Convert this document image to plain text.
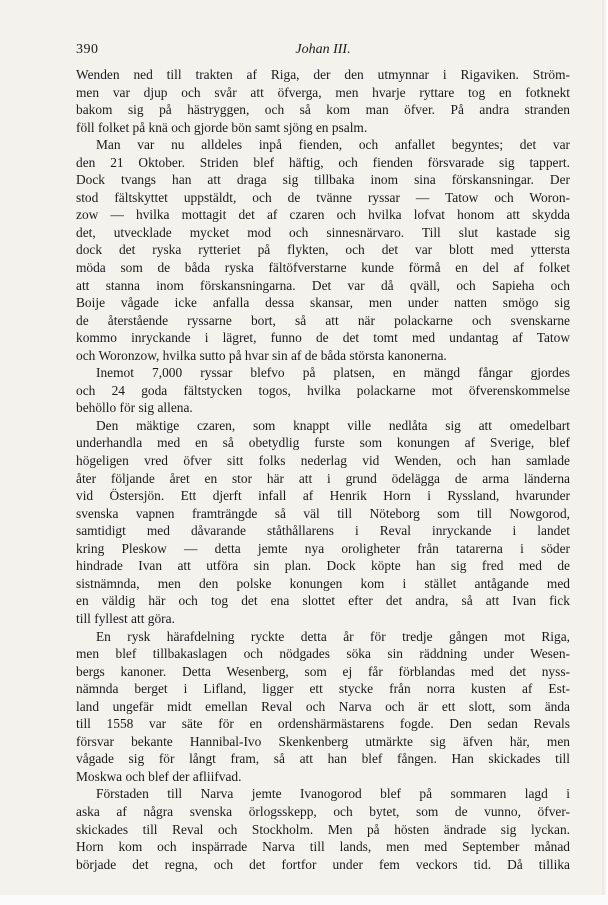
390	Johan III.
Wenden ned till trakten af Riga, der den utmynnar i Rigaviken. Ström-
men var djup och svår att öfverga, men hvarje ryttare tog en fotknekt
bakom sig på hästryggen, och så kom man öfver. På andra stranden
föll folket på knä och gjorde bön samt sjöng en psalm.
Man var nu alldeles inpå fienden, och anfallet begyntes; det var
den 21 Oktober. Striden blef häftig, och fienden försvarade sig tappert.
Dock tvangs han att draga sig tillbaka inom sina förskansningar. Der
stod fältskyttet uppstäldt, och de tvänne ryssar — Tatow och Woron-
zow — hvilka mottagit det af czaren och hvilka lofvat honom att skydda
det, utvecklade mycket mod och sinnesnärvaro. Till slut kastade sig
dock det ryska rytteriet på flykten, och det var blott med yttersta
möda som de båda ryska fältöfverstarne kunde förmå en del af folket
att stanna inom förskansningarna. Det var då qväll, och Sapieha och
Boije vågade icke anfalla dessa skansar, men under natten smögo sig
de återstående ryssarne bort, så att när polackarne och svenskarne
kommo inryckande i lägret, funno de det tomt med undantag af Tatow
och Woronzow, hvilka sutto på hvar sin af de båda största kanonerna.
Inemot 7,000 ryssar blefvo på platsen, en mängd fångar gjordes
och 24 goda fältstycken togos, hvilka polackarne mot öfverenskommelse
behöllo för sig allena.
Den mäktige czaren, som knappt ville nedlåta sig att omedelbart
underhandla med en så obetydlig furste som konungen af Sverige, blef
högeligen vred öfver sitt folks nederlag vid Wenden, och han samlade
åter följande året en stor här att i grund ödelägga de arma länderna
vid Östersjön. Ett djerft infall af Henrik Horn i Ryssland, hvarunder
svenska vapnen framträngde så väl till Nöteborg som till Nowgorod,
samtidigt med dåvarande ståthållarens i Reval inryckande i landet
kring Pleskow — detta jemte nya oroligheter från tatarerna i söder
hindrade Ivan att utföra sin plan. Dock köpte han sig fred med de
sistnämnda, men den polske konungen kom i stället antågande med
en väldig här och tog det ena slottet efter det andra, så att Ivan fick
till fyllest att göra.
En rysk härafdelning ryckte detta år för tredje gången mot Riga,
men blef tillbakaslagen och nödgades söka sin räddning under Wesen-
bergs kanoner. Detta Wesenberg, som ej får förblandas med det nyss-
nämnda berget i Lifland, ligger ett stycke från norra kusten af Est-
land ungefär midt emellan Reval och Narva och är ett slott, som ända
till 1558 var säte för en ordenshärmästarens fogde. Den sedan Revals
försvar bekante Hannibal-Ivo Skenkenberg utmärkte sig äfven här, men
vågade sig för långt fram, så att han blef fången. Han skickades till
Moskwa och blef der afliifvad.
Förstaden till Narva jemte Ivanogorod blef på sommaren lagd i
aska af några svenska örlogsskepp, och bytet, som de vunno, öfver-
skickades till Reval och Stockholm. Men på hösten ändrade sig lyckan.
Horn kom och inspärrade Narva till lands, men med September månad
började det regna, och det fortfor under fem veckors tid. Då tillika
